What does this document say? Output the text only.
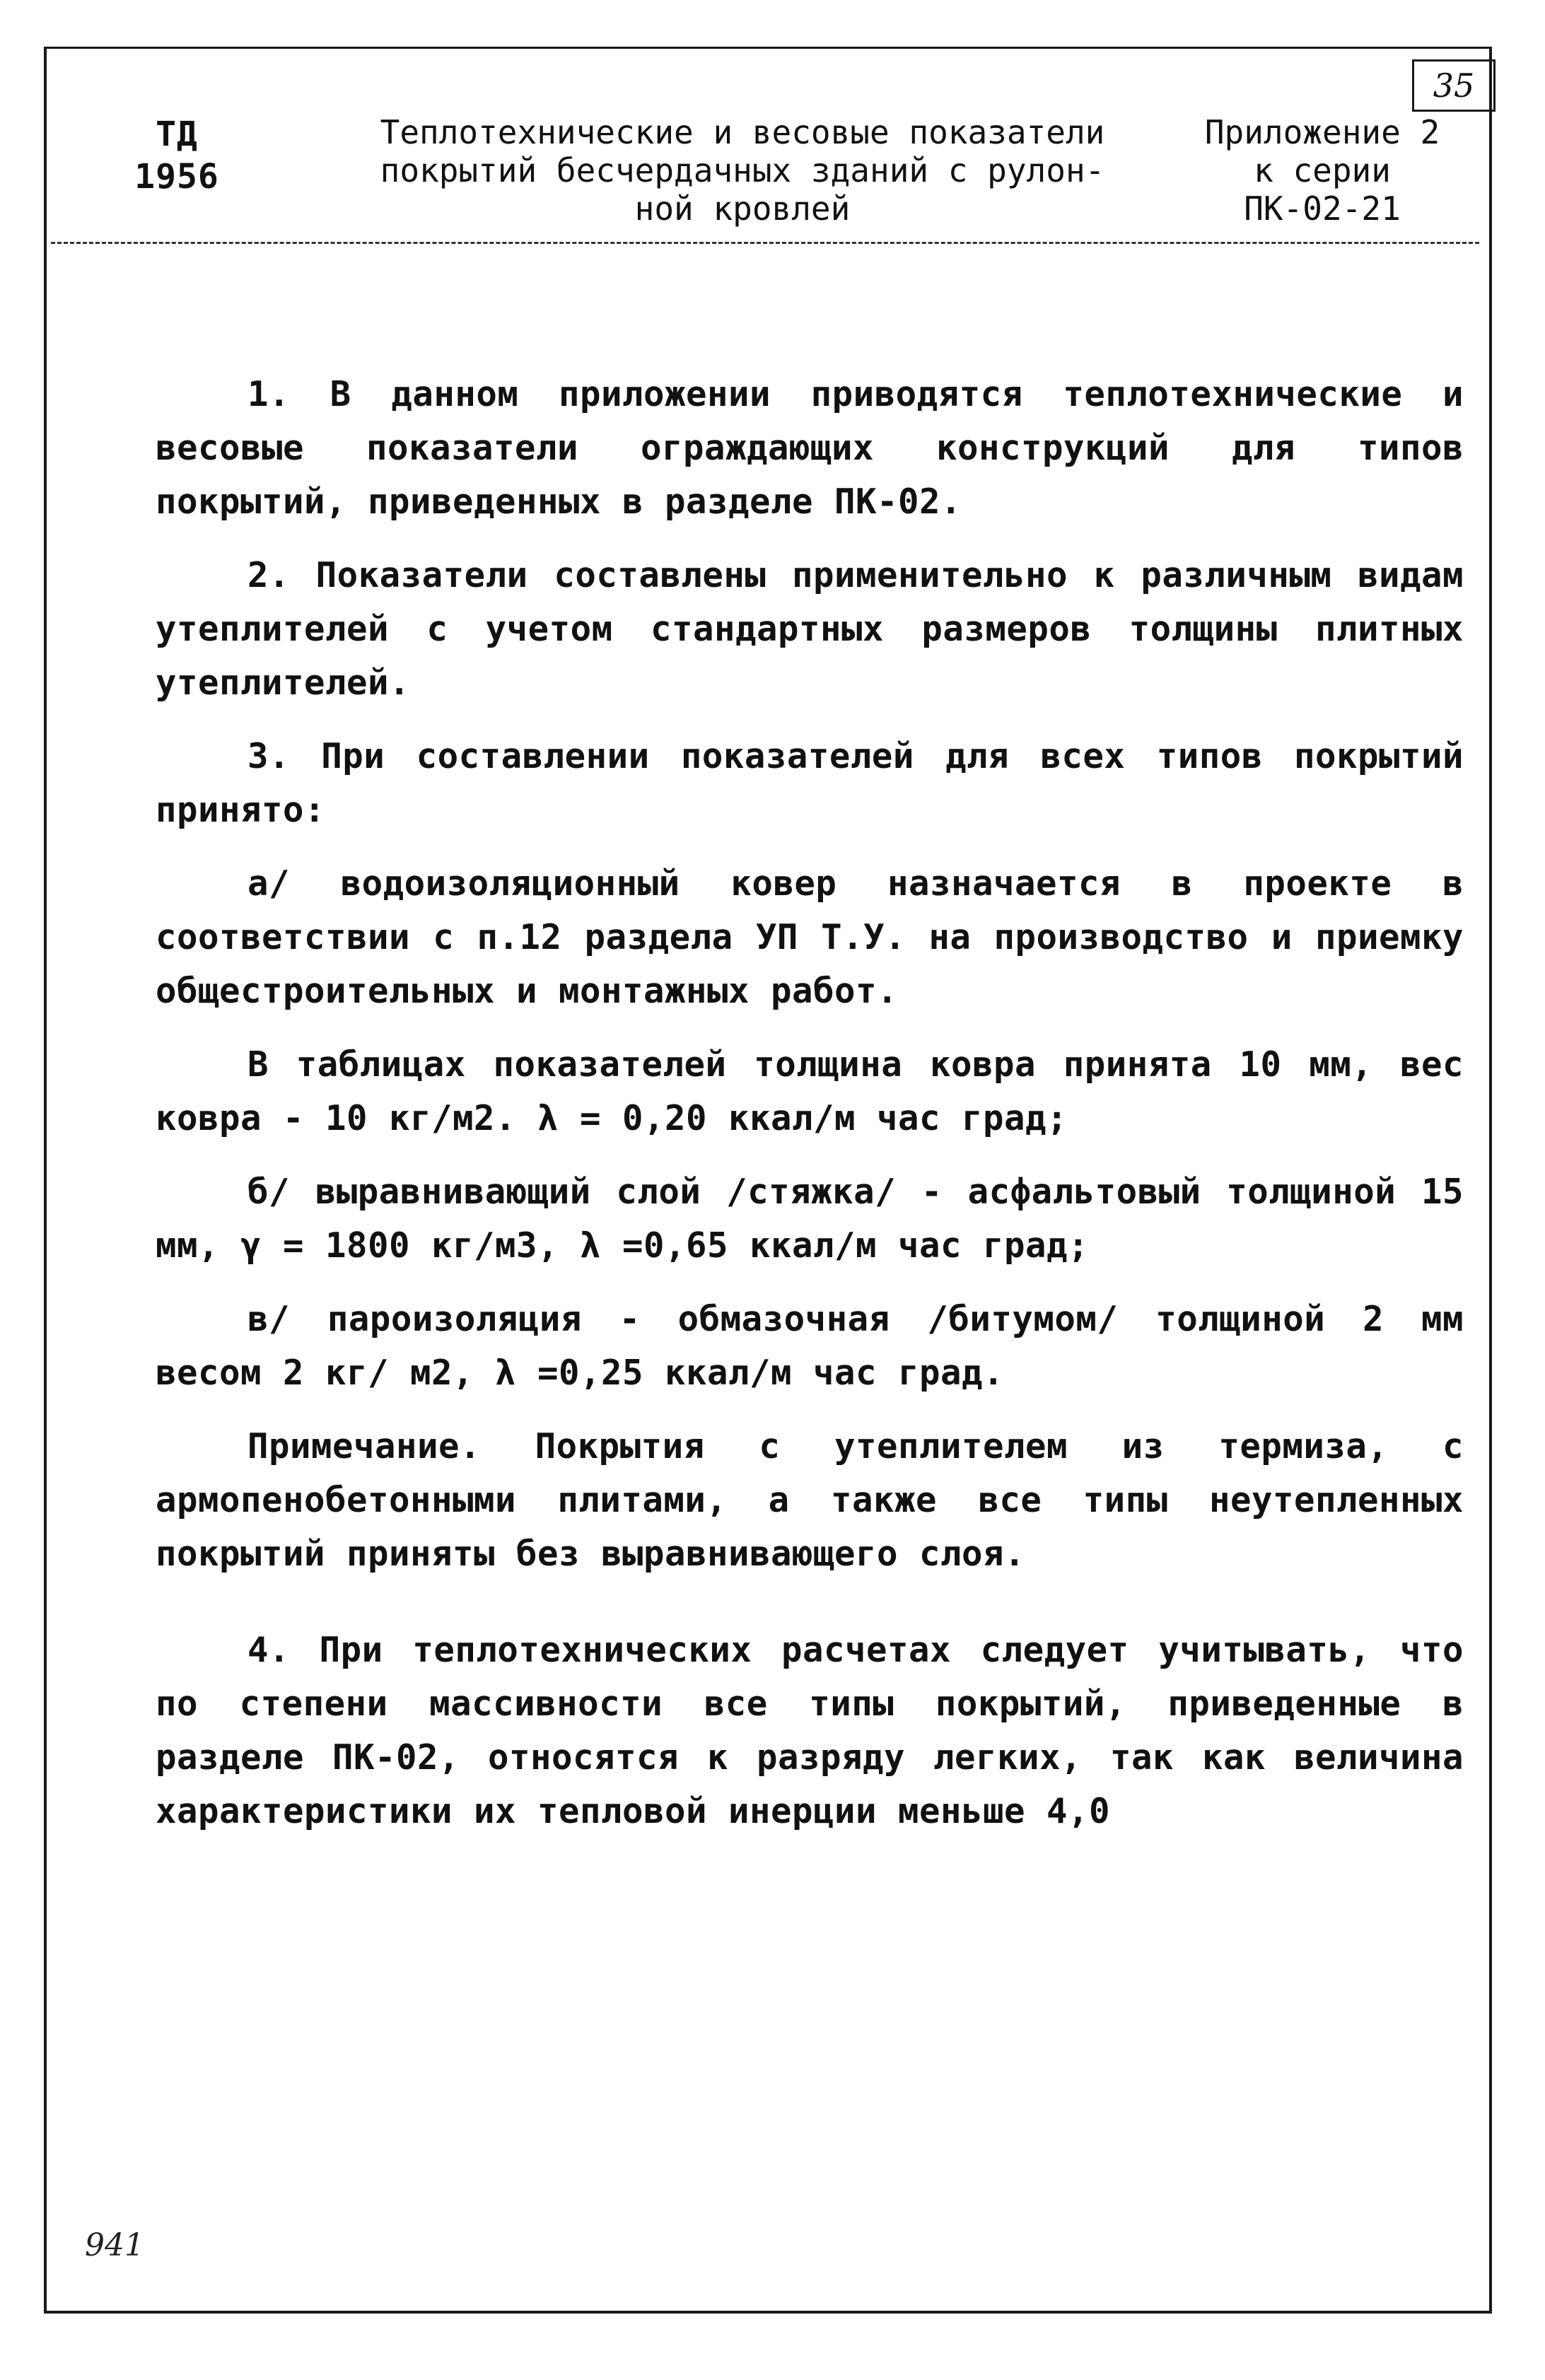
35
ТД
1956
Теплотехнические и весовые показатели
покрытий бесчердачных зданий с рулон-
ной кровлей
Приложение 2
к серии
ПК-02-21

1. В данном приложении приводятся теплотехнические и весовые показатели ограждающих конструкций для типов покрытий, приведенных в разделе ПК-02.

2. Показатели составлены применительно к различным видам утеплителей с учетом стандартных размеров толщины плитных утеплителей.

3. При составлении показателей для всех типов покрытий принято:

а/ водоизоляционный ковер назначается в проекте в соответствии с п.12 раздела УП Т.У. на производство и приемку общестроительных и монтажных работ.

В таблицах показателей толщина ковра принята 10 мм, вес ковра - 10 кг/м2. λ = 0,20 ккал/м час град;

б/ выравнивающий слой /стяжка/ - асфальтовый толщиной 15 мм, γ = 1800 кг/м3, λ =0,65 ккал/м час град;

в/ пароизоляция - обмазочная /битумом/ толщиной 2 мм весом 2 кг/ м2, λ =0,25 ккал/м час град.

Примечание. Покрытия с утеплителем из термиза, с армопенобетонными плитами, а также все типы неутепленных покрытий приняты без выравнивающего слоя.

4. При теплотехнических расчетах следует учитывать, что по степени массивности все типы покрытий, приведенные в разделе ПК-02, относятся к разряду легких, так как величина характеристики их тепловой инерции меньше 4,0

941
